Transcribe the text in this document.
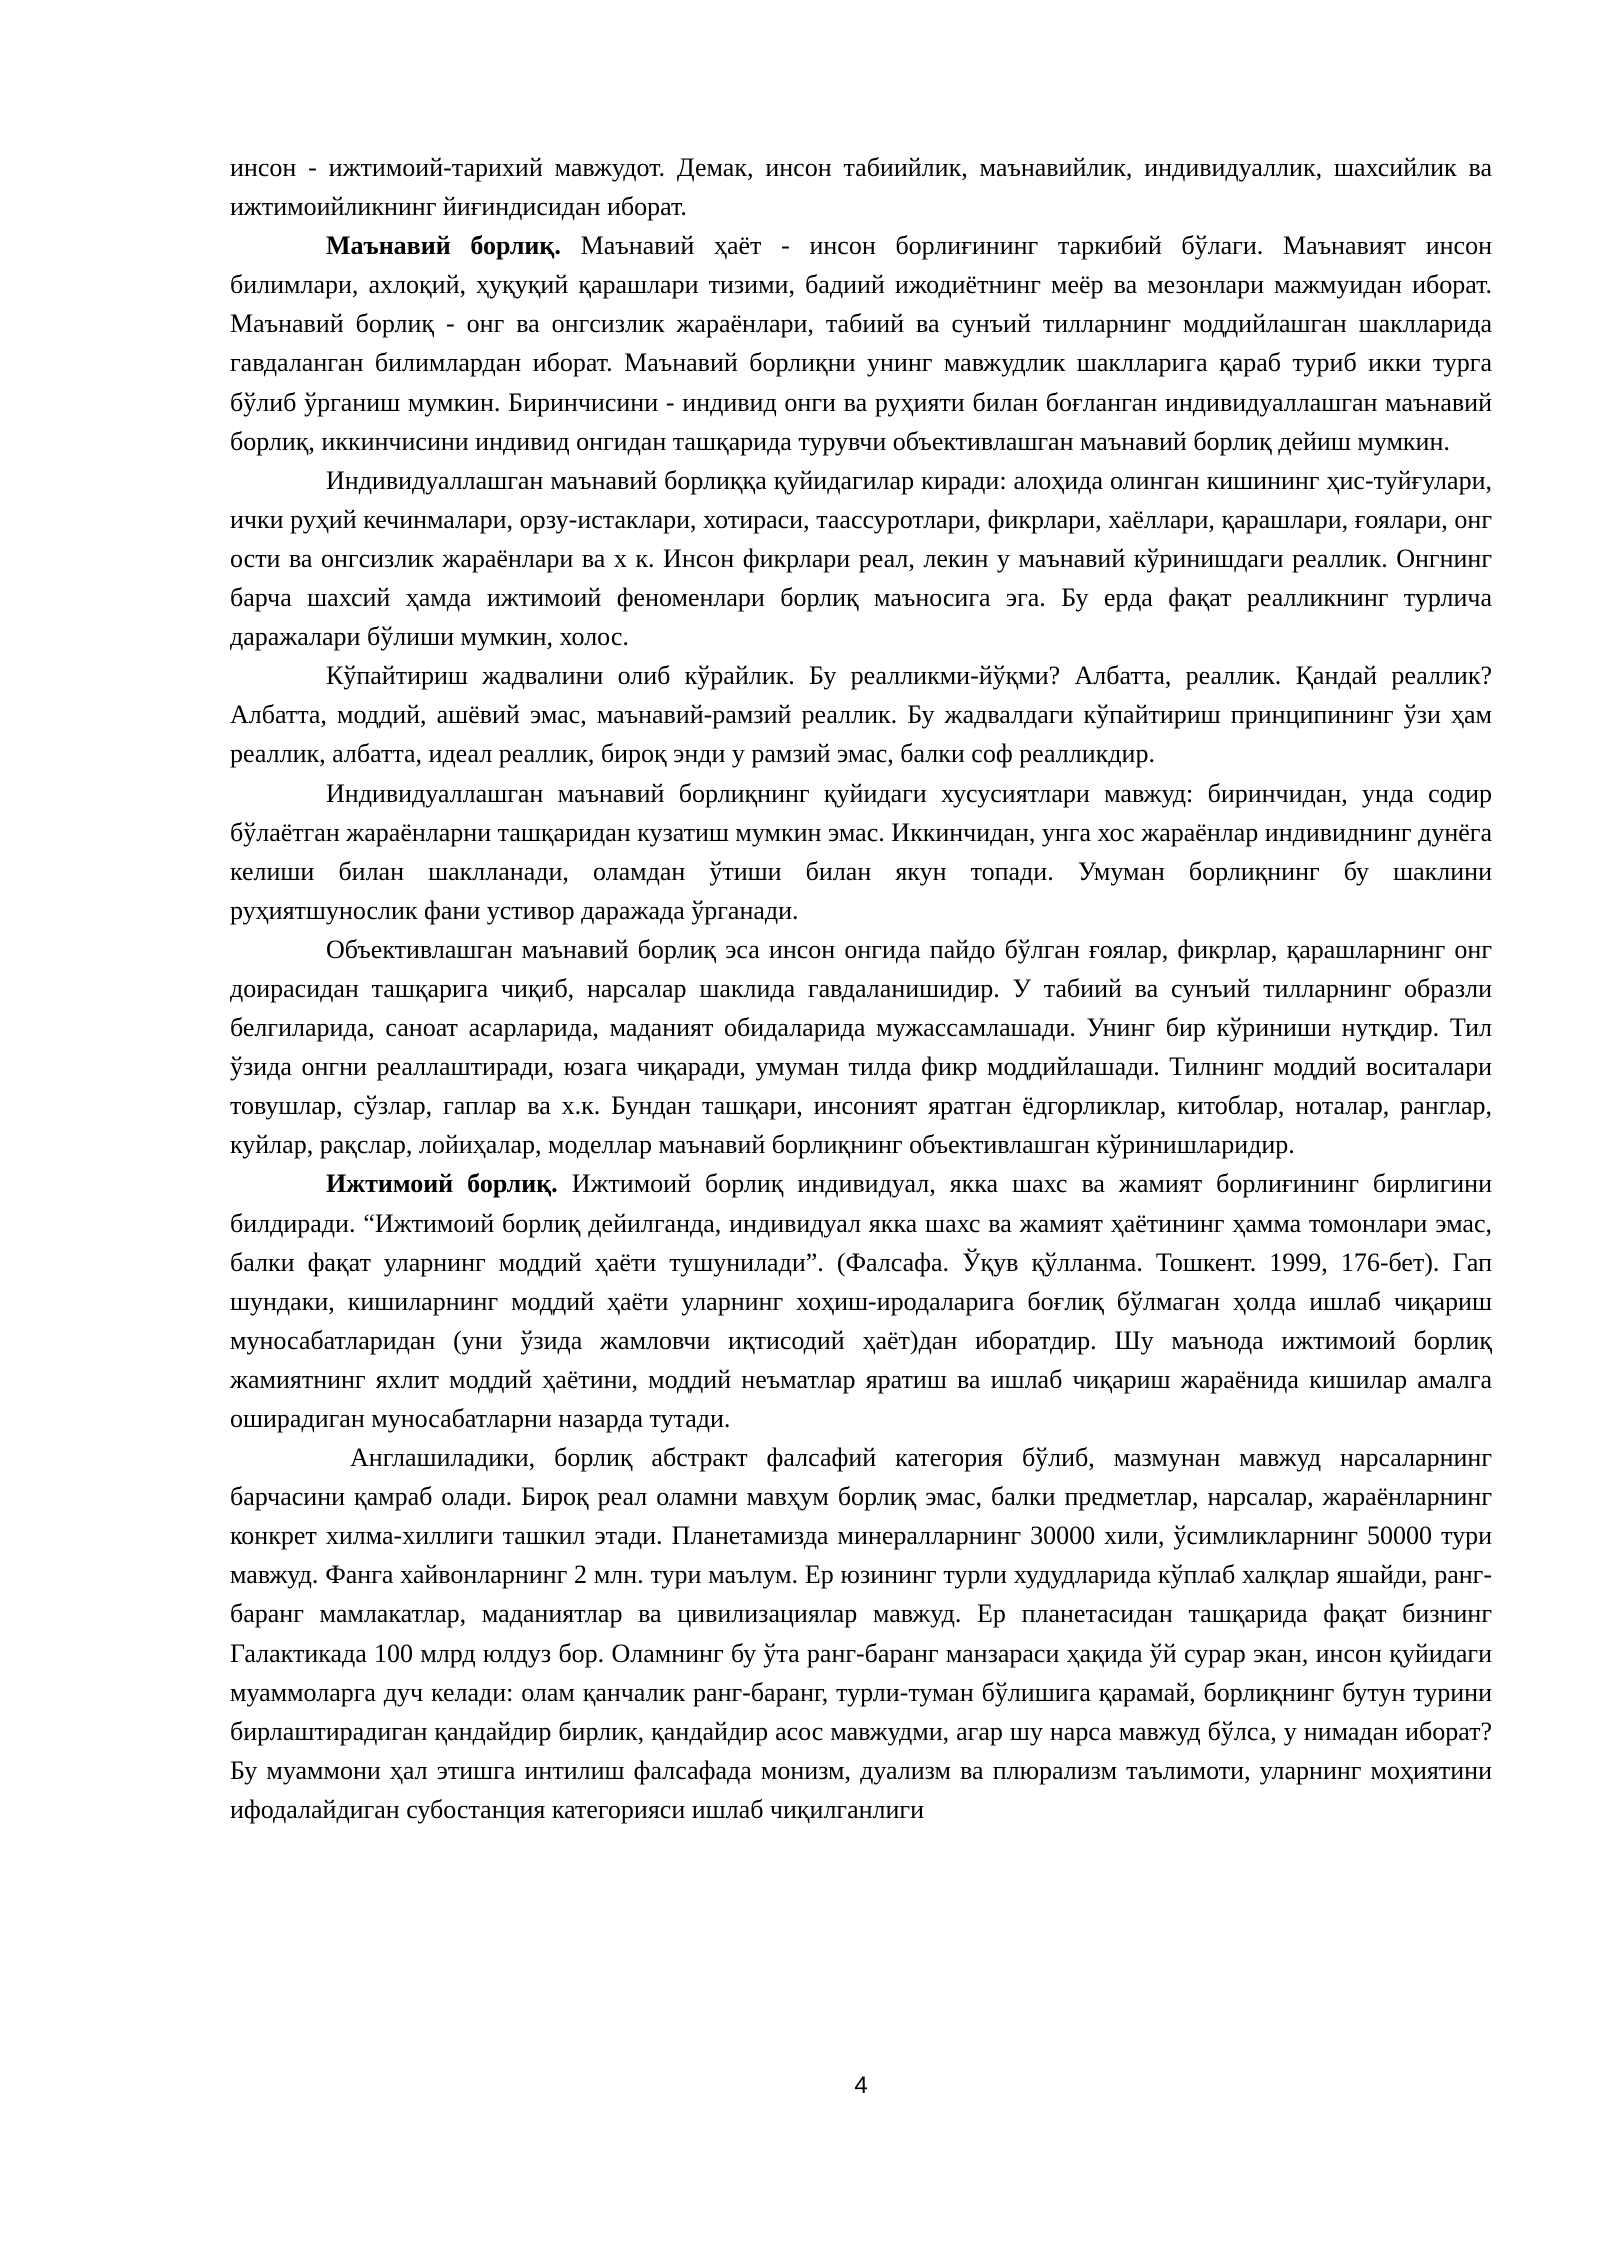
инсон - ижтимоий-тарихий мавжудот. Демак, инсон табиийлик, маънавийлик, индивидуаллик, шахсийлик ва ижтимоийликнинг йиғиндисидан иборат.

Маънавий борлиқ. Маънавий ҳаёт - инсон борлиғининг таркибий бўлаги. Маънавият инсон билимлари, ахлоқий, ҳуқуқий қарашлари тизими, бадиий ижодиётнинг меёр ва мезонлари мажмуидан иборат. Маънавий борлиқ - онг ва онгсизлик жараёнлари, табиий ва сунъий тилларнинг моддийлашган шаклларида гавдаланган билимлардан иборат. Маънавий борлиқни унинг мавжудлик шаклларига қараб туриб икки турга бўлиб ўрганиш мумкин. Биринчисини - индивид онги ва руҳияти билан боғланган индивидуаллашган маънавий борлиқ, иккинчисини индивид онгидан ташқарида турувчи объективлашган маънавий борлиқ дейиш мумкин.

Индивидуаллашган маънавий борлиққа қуйидагилар киради: алоҳида олинган кишининг ҳис-туйғулари, ички руҳий кечинмалари, орзу-истаклари, хотираси, таассуротлари, фикрлари, хаёллари, қарашлари, ғоялари, онг ости ва онгсизлик жараёнлари ва х к. Инсон фикрлари реал, лекин у маънавий кўринишдаги реаллик. Онгнинг барча шахсий ҳамда ижтимоий феноменлари борлиқ маъносига эга. Бу ерда фақат реалликнинг турлича даражалари бўлиши мумкин, холос.

Кўпайтириш жадвалини олиб кўрайлик. Бу реалликми-йўқми? Албатта, реаллик. Қандай реаллик? Албатта, моддий, ашёвий эмас, маънавий-рамзий реаллик. Бу жадвалдаги кўпайтириш принципининг ўзи ҳам реаллик, албатта, идеал реаллик, бироқ энди у рамзий эмас, балки соф реалликдир.

Индивидуаллашган маънавий борлиқнинг қуйидаги хусусиятлари мавжуд: биринчидан, унда содир бўлаётган жараёнларни ташқаридан кузатиш мумкин эмас. Иккинчидан, унга хос жараёнлар индивиднинг дунёга келиши билан шаклланади, оламдан ўтиши билан якун топади. Умуман борлиқнинг бу шаклини руҳиятшунослик фани устивор даражада ўрганади.

Объективлашган маънавий борлиқ эса инсон онгида пайдо бўлган ғоялар, фикрлар, қарашларнинг онг доирасидан ташқарига чиқиб, нарсалар шаклида гавдаланишидир. У табиий ва сунъий тилларнинг образли белгиларида, саноат асарларида, маданият обидаларида мужассамлашади. Унинг бир кўриниши нутқдир. Тил ўзида онгни реаллаштиради, юзага чиқаради, умуман тилда фикр моддийлашади. Тилнинг моддий воситалари товушлар, сўзлар, гаплар ва х.к. Бундан ташқари, инсоният яратган ёдгорликлар, китоблар, ноталар, ранглар, куйлар, рақслар, лойиҳалар, моделлар маънавий борлиқнинг объективлашган кўринишларидир.

Ижтимоий борлиқ. Ижтимоий борлиқ индивидуал, якка шахс ва жамият борлиғининг бирлигини билдиради. “Ижтимоий борлиқ дейилганда, индивидуал якка шахс ва жамият ҳаётининг ҳамма томонлари эмас, балки фақат уларнинг моддий ҳаёти тушунилади”. (Фалсафа. Ўқув қўлланма. Тошкент. 1999, 176-бет). Гап шундаки, кишиларнинг моддий ҳаёти уларнинг хоҳиш-иродаларига боғлиқ бўлмаган ҳолда ишлаб чиқариш муносабатларидан (уни ўзида жамловчи иқтисодий ҳаёт)дан иборатдир. Шу маънода ижтимоий борлиқ жамиятнинг яхлит моддий ҳаётини, моддий неъматлар яратиш ва ишлаб чиқариш жараёнида кишилар амалга оширадиган муносабатларни назарда тутади.

Англашиладики, борлиқ абстракт фалсафий категория бўлиб, мазмунан мавжуд нарсаларнинг барчасини қамраб олади. Бироқ реал оламни мавҳум борлиқ эмас, балки предметлар, нарсалар, жараёнларнинг конкрет хилма-хиллиги ташкил этади. Планетамизда минералларнинг 30000 хили, ўсимликларнинг 50000 тури мавжуд. Фанга хайвонларнинг 2 млн. тури маълум. Ер юзининг турли худудларида кўплаб халқлар яшайди, ранг-баранг мамлакатлар, маданиятлар ва цивилизациялар мавжуд. Ер планетасидан ташқарида фақат бизнинг Галактикада 100 млрд юлдуз бор. Оламнинг бу ўта ранг-баранг манзараси ҳақида ўй сурар экан, инсон қуйидаги муаммоларга дуч келади: олам қанчалик ранг-баранг, турли-туман бўлишига қарамай, борлиқнинг бутун турини бирлаштирадиган қандайдир бирлик, қандайдир асос мавжудми, агар шу нарса мавжуд бўлса, у нимадан иборат? Бу муаммони ҳал этишга интилиш фалсафада монизм, дуализм ва плюрализм таълимоти, уларнинг моҳиятини ифодалайдиган субостанция категорияси ишлаб чиқилганлиги

4
